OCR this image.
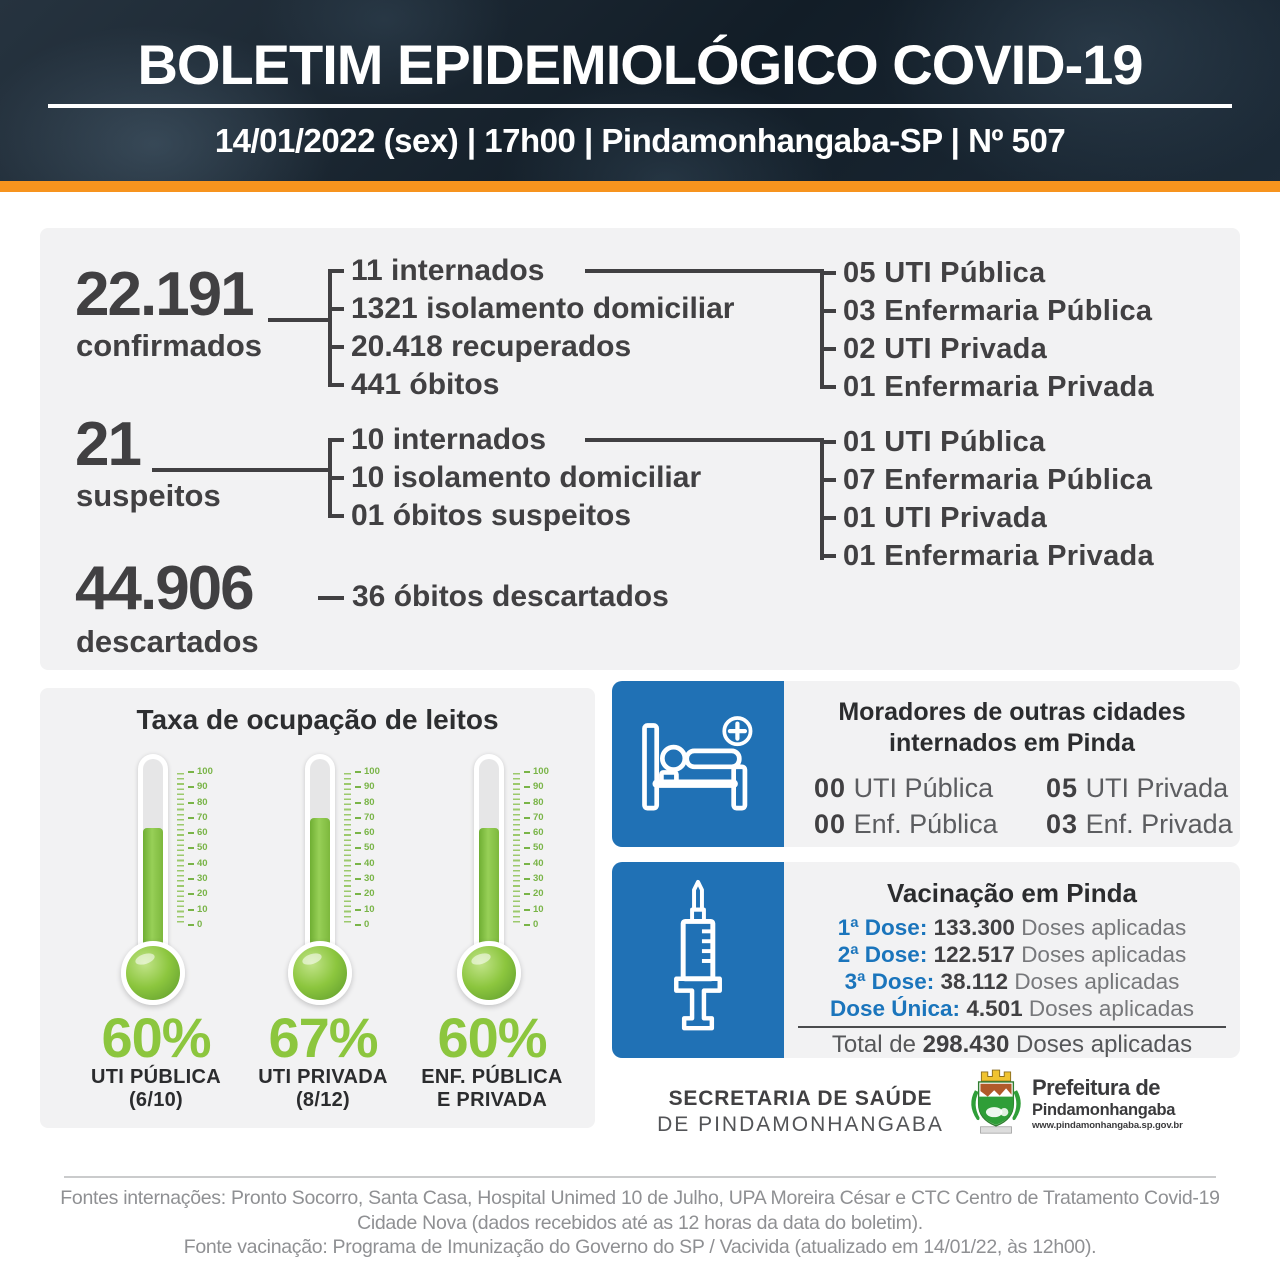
BOLETIM EPIDEMIOLÓGICO COVID-19
14/01/2022 (sex) | 17h00 | Pindamonhangaba-SP | Nº 507
22.191
confirmados
11 internados
1321 isolamento domiciliar
20.418 recuperados
441 óbitos
05 UTI Pública
03 Enfermaria Pública
02 UTI Privada
01 Enfermaria Privada
21
suspeitos
10 internados
10 isolamento domiciliar
01 óbitos suspeitos
01 UTI Pública
07 Enfermaria Pública
01 UTI Privada
01 Enfermaria Privada
44.906
descartados
36 óbitos descartados
Taxa de ocupação de leitos
100
90
80
70
60
50
40
30
20
10
0
60%
UTI PÚBLICA
(6/10)
100
90
80
70
60
50
40
30
20
10
0
67%
UTI PRIVADA
(8/12)
100
90
80
70
60
50
40
30
20
10
0
60%
ENF. PÚBLICA
E PRIVADA
Moradores de outras cidades
internados em Pinda
00 UTI Pública 05 UTI Privada
00 Enf. Pública 03 Enf. Privada
Vacinação em Pinda
1ª Dose: 133.300 Doses aplicadas
2ª Dose: 122.517 Doses aplicadas
3ª Dose: 38.112 Doses aplicadas
Dose Única: 4.501 Doses aplicadas
Total de 298.430 Doses aplicadas
SECRETARIA DE SAÚDE
DE PINDAMONHANGABA
Prefeitura de
Pindamonhangaba
www.pindamonhangaba.sp.gov.br
Fontes internações: Pronto Socorro, Santa Casa, Hospital Unimed 10 de Julho, UPA Moreira César e CTC Centro de Tratamento Covid-19
Cidade Nova (dados recebidos até as 12 horas da data do boletim).
Fonte vacinação: Programa de Imunização do Governo do SP / Vacivida (atualizado em 14/01/22, às 12h00).
